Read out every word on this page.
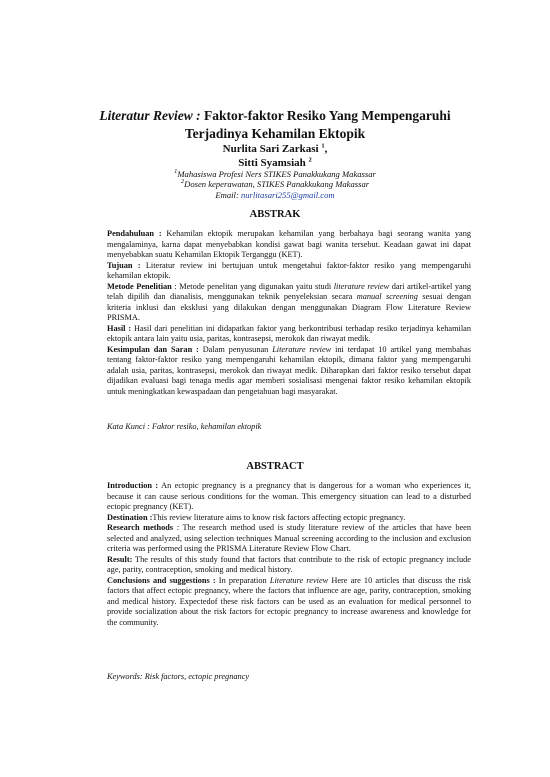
Literatur Review : Faktor-faktor Resiko Yang Mempengaruhi
Terjadinya Kehamilan Ektopik
Nurlita Sari Zarkasi $^1$,
Sitti Syamsiah $^2$
$^1$Mahasiswa Profesi Ners STIKES Panakkukang Makassar
$^2$Dosen keperawatan, STIKES Panakkukang Makassar
Email: nurlitasari255@gmail.com
ABSTRAK

Pendahuluan : Kehamilan ektopik merupakan kehamilan yang berbahaya bagi seorang wanita yang mengalaminya, karna dapat menyebabkan kondisi gawat bagi wanita tersebut. Keadaan gawat ini dapat menyebabkan suatu Kehamilan Ektopik Terganggu (KET).

Tujuan : Literatur review ini bertujuan untuk mengetahui faktor-faktor resiko yang mempengaruhi kehamilan ektopik.

Metode Penelitian : Metode penelitan yang digunakan yaitu studi literature review dari artikel-artikel yang telah dipilih dan dianalisis, menggunakan teknik penyeleksian secara manual screening sesuai dengan kriteria inklusi dan eksklusi yang dilakukan dengan menggunakan Diagram Flow Literature Review PRISMA.

Hasil : Hasil dari penelitian ini didapatkan faktor yang berkontribusi terhadap resiko terjadinya kehamilan ektopik antara lain yaitu usia, paritas, kontrasepsi, merokok dan riwayat medik.

Kesimpulan dan Saran : Dalam penyusunan Literature review ini terdapat 10 artikel yang membahas tentang faktor-faktor resiko yang mempengaruhi kehamilan ektopik, dimana faktor yang mempengaruhi adalah usia, paritas, kontrasepsi, merokok dan riwayat medik. Diharapkan dari faktor resiko tersebut dapat dijadikan evaluasi bagi tenaga medis agar memberi sosialisasi mengenai faktor resiko kehamilan ektopik untuk meningkatkan kewaspadaan dan pengetahuan bagi masyarakat.

Kata Kunci : Faktor resiko, kehamilan ektopik
ABSTRACT

Introduction : An ectopic pregnancy is a pregnancy that is dangerous for a woman who experiences it, because it can cause serious conditions for the woman. This emergency situation can lead to a disturbed ectopic pregnancy (KET).

Destination :This review literature aims to know risk factors affecting ectopic pregnancy.

Research methods : The research method used is study literature review of the articles that have been selected and analyzed, using selection techniques Manual screening according to the inclusion and exclusion criteria was performed using the PRISMA Literature Review Flow Chart.

Result: The results of this study found that factors that contribute to the risk of ectopic pregnancy include age, parity, contraception, smoking and medical history.

Conclusions and suggestions : In preparation Literature review Here are 10 articles that discuss the risk factors that affect ectopic pregnancy, where the factors that influence are age, parity, contraception, smoking and medical history. Expectedof these risk factors can be used as an evaluation for medical personnel to provide socialization about the risk factors for ectopic pregnancy to increase awareness and knowledge for the community.

Keywords: Risk factors, ectopic pregnancy
